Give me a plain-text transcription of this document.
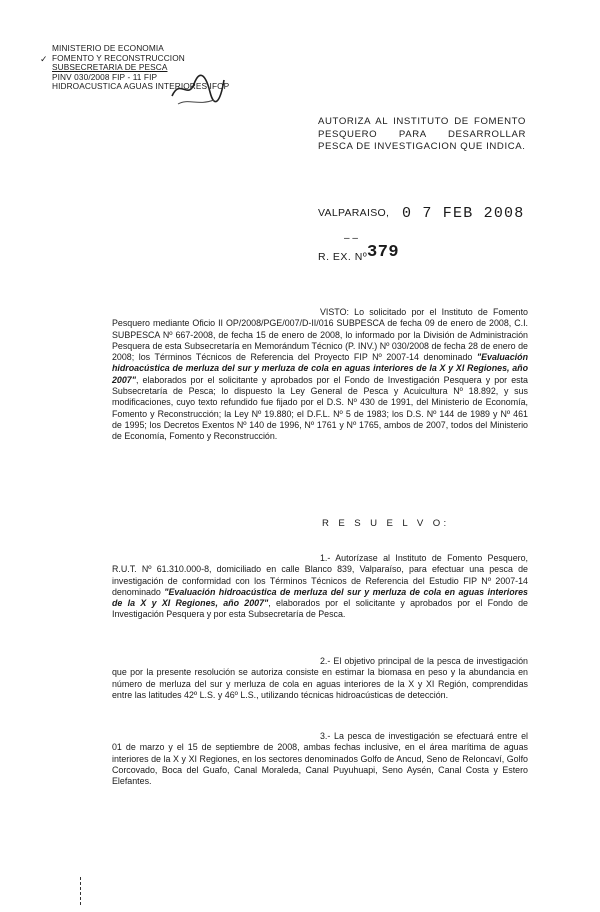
✓
MINISTERIO DE ECONOMIA
FOMENTO Y RECONSTRUCCION
SUBSECRETARIA DE PESCA
PINV 030/2008 FIP - 11 FIP
HIDROACUSTICA AGUAS INTERIORES IFOP
AUTORIZA AL INSTITUTO DE FOMENTO PESQUERO PARA DESARROLLAR PESCA DE INVESTIGACION QUE INDICA.
VALPARAISO, 0 7 FEB 2008
– –
R. EX. Nº 379
VISTO: Lo solicitado por el Instituto de Fomento Pesquero mediante Oficio II OP/2008/PGE/007/D-II/016 SUBPESCA de fecha 09 de enero de 2008, C.I. SUBPESCA Nº 667-2008, de fecha 15 de enero de 2008, lo informado por la División de Administración Pesquera de esta Subsecretaría en Memorándum Técnico (P. INV.) Nº 030/2008 de fecha 28 de enero de 2008; los Términos Técnicos de Referencia del Proyecto FIP Nº 2007-14 denominado "Evaluación hidroacústica de merluza del sur y merluza de cola en aguas interiores de la X y XI Regiones, año 2007", elaborados por el solicitante y aprobados por el Fondo de Investigación Pesquera y por esta Subsecretaría de Pesca; lo dispuesto la Ley General de Pesca y Acuicultura Nº 18.892, y sus modificaciones, cuyo texto refundido fue fijado por el D.S. Nº 430 de 1991, del Ministerio de Economía, Fomento y Reconstrucción; la Ley Nº 19.880; el D.F.L. Nº 5 de 1983; los D.S. Nº 144 de 1989 y Nº 461 de 1995; los Decretos Exentos Nº 140 de 1996, Nº 1761 y Nº 1765, ambos de 2007, todos del Ministerio de Economía, Fomento y Reconstrucción.
R E S U E L V O:
1.- Autorízase al Instituto de Fomento Pesquero, R.U.T. Nº 61.310.000-8, domiciliado en calle Blanco 839, Valparaíso, para efectuar una pesca de investigación de conformidad con los Términos Técnicos de Referencia del Estudio FIP Nº 2007-14 denominado "Evaluación hidroacústica de merluza del sur y merluza de cola en aguas interiores de la X y XI Regiones, año 2007", elaborados por el solicitante y aprobados por el Fondo de Investigación Pesquera y por esta Subsecretaría de Pesca.
2.- El objetivo principal de la pesca de investigación que por la presente resolución se autoriza consiste en estimar la biomasa en peso y la abundancia en número de merluza del sur y merluza de cola en aguas interiores de la X y XI Región, comprendidas entre las latitudes 42º L.S. y 46º L.S., utilizando técnicas hidroacústicas de detección.
3.- La pesca de investigación se efectuará entre el 01 de marzo y el 15 de septiembre de 2008, ambas fechas inclusive, en el área marítima de aguas interiores de la X y XI Regiones, en los sectores denominados Golfo de Ancud, Seno de Reloncaví, Golfo Corcovado, Boca del Guafo, Canal Moraleda, Canal Puyuhuapi, Seno Aysén, Canal Costa y Estero Elefantes.
